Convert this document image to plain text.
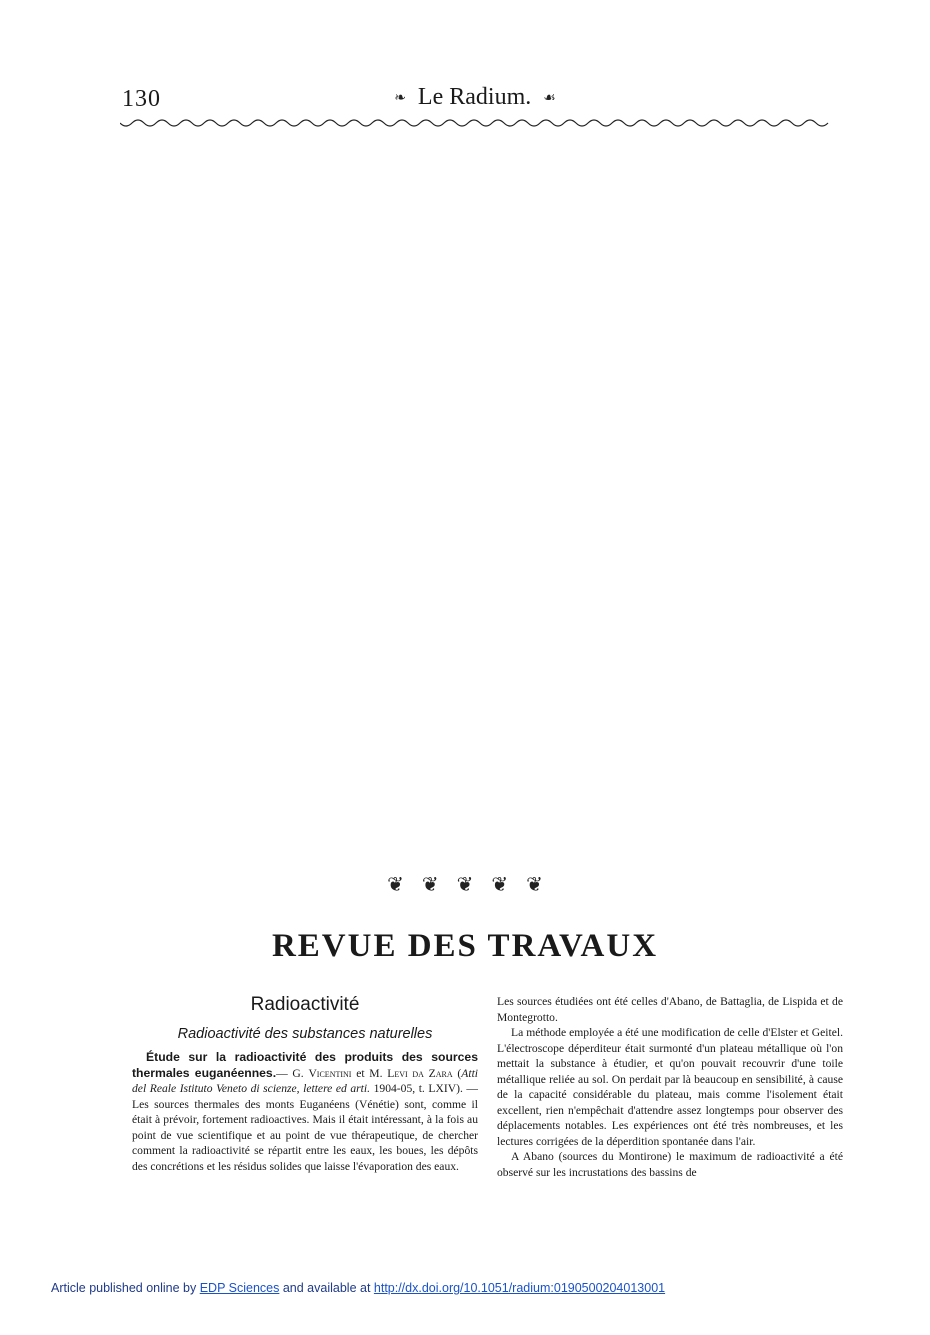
130	❧ Le Radium. ☙
❦ ❦ ❦ ❦ ❦
REVUE DES TRAVAUX
Radioactivité
Radioactivité des substances naturelles

Étude sur la radioactivité des produits des sources thermales euganéennes.— G. Vicentini et M. Levi da Zara (Atti del Reale Istituto Veneto di scienze, lettere ed arti. 1904-05, t. LXIV). — Les sources thermales des monts Euganéens (Vénétie) sont, comme il était à prévoir, fortement radioactives. Mais il était intéressant, à la fois au point de vue scientifique et au point de vue thérapeutique, de chercher comment la radioactivité se répartit entre les eaux, les boues, les dépôts des concrétions et les résidus solides que laisse l'évaporation des eaux.

Les sources étudiées ont été celles d'Abano, de Battaglia, de Lispida et de Montegrotto.

La méthode employée a été une modification de celle d'Elster et Geitel. L'électroscope déperditeur était surmonté d'un plateau métallique où l'on mettait la substance à étudier, et qu'on pouvait recouvrir d'une toile métallique reliée au sol. On perdait par là beaucoup en sensibilité, à cause de la capacité considérable du plateau, mais comme l'isolement était excellent, rien n'empêchait d'attendre assez longtemps pour observer des déplacements notables. Les expériences ont été très nombreuses, et les lectures corrigées de la déperdition spontanée dans l'air.

A Abano (sources du Montirone) le maximum de radioactivité a été observé sur les incrustations des bassins de

Article published online by EDP Sciences and available at http://dx.doi.org/10.1051/radium:0190500204013001
